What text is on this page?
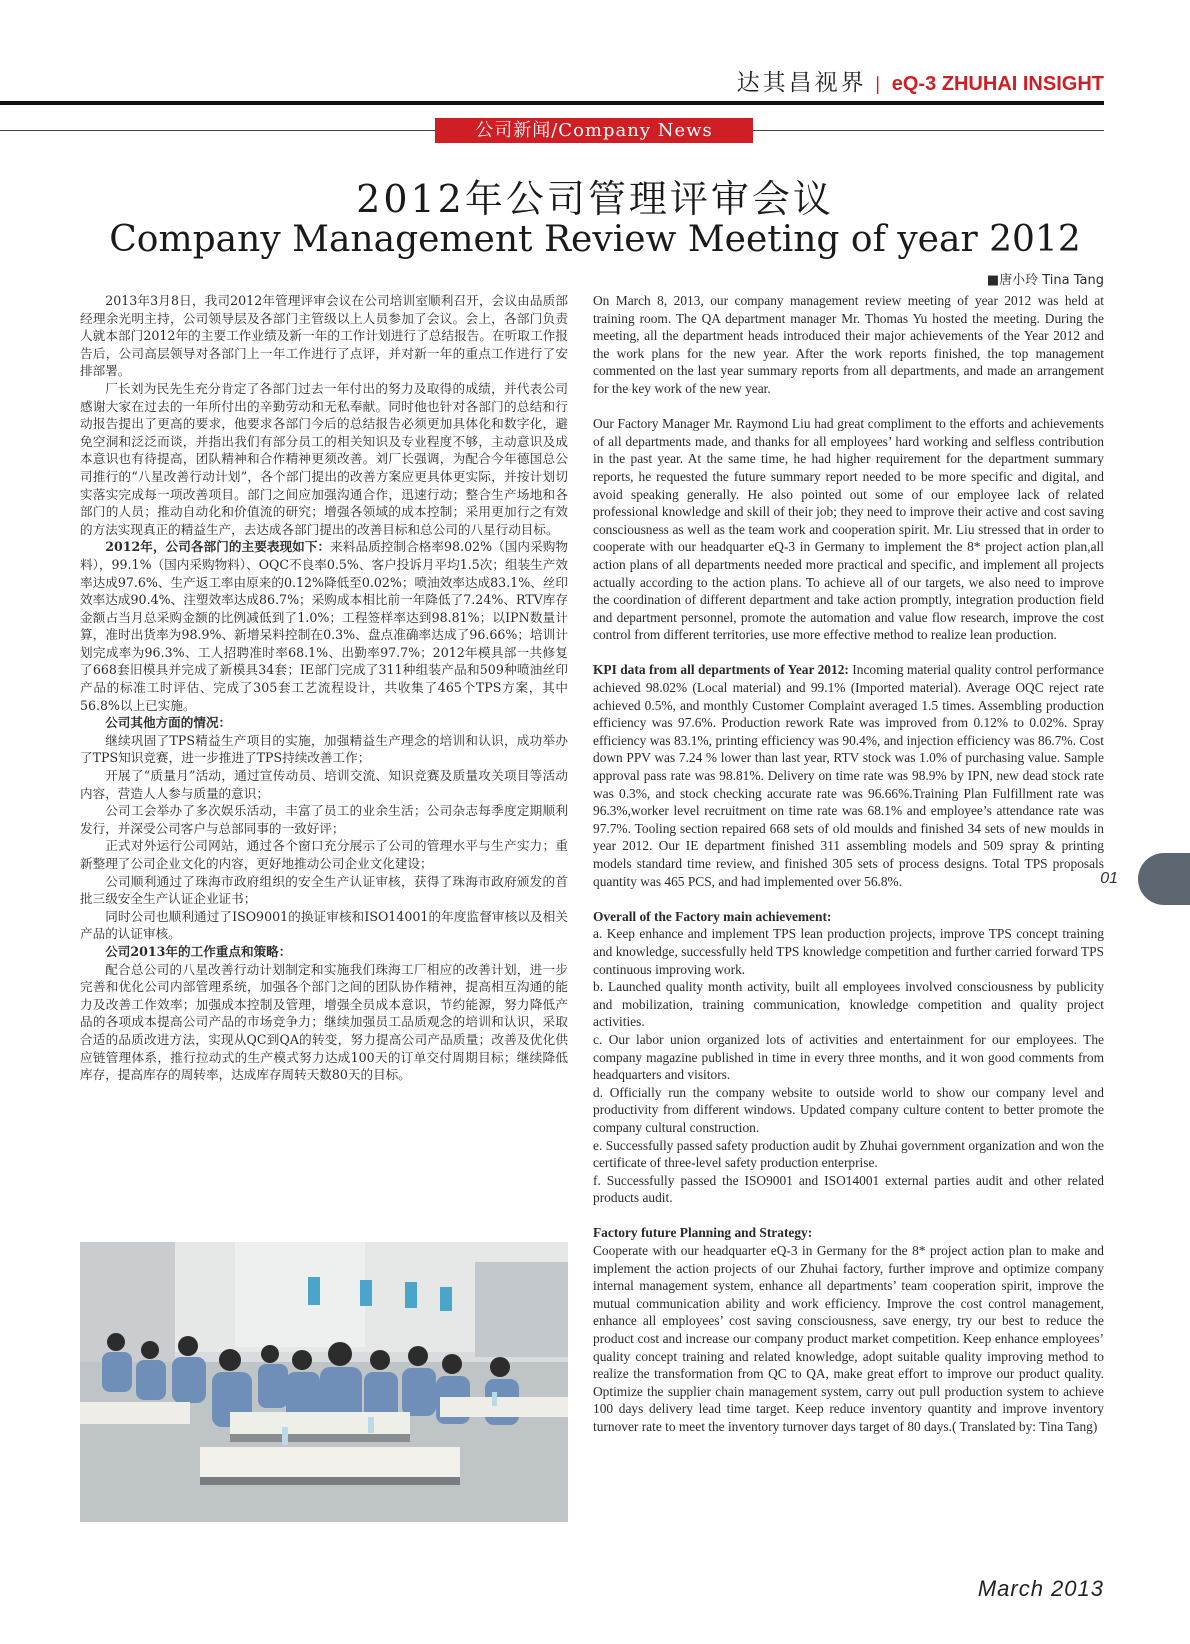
达其昌视界 | eQ-3 ZHUHAI INSIGHT
公司新闻/Company News
2012年公司管理评审会议
Company Management Review Meeting of year 2012
■唐小玲 Tina Tang

2013年3月8日，我司2012年管理评审会议在公司培训室顺利召开，会议由品质部经理余光明主持，公司领导层及各部门主管级以上人员参加了会议。会上，各部门负责人就本部门2012年的主要工作业绩及新一年的工作计划进行了总结报告。在听取工作报告后，公司高层领导对各部门上一年工作进行了点评，并对新一年的重点工作进行了安排部署。

厂长刘为民先生充分肯定了各部门过去一年付出的努力及取得的成绩，并代表公司感谢大家在过去的一年所付出的辛勤劳动和无私奉献。同时他也针对各部门的总结和行动报告提出了更高的要求，他要求各部门今后的总结报告必须更加具体化和数字化，避免空洞和泛泛而谈，并指出我们有部分员工的相关知识及专业程度不够，主动意识及成本意识也有待提高，团队精神和合作精神更须改善。刘厂长强调，为配合今年德国总公司推行的“八星改善行动计划”，各个部门提出的改善方案应更具体更实际，并按计划切实落实完成每一项改善项目。部门之间应加强沟通合作，迅速行动；整合生产场地和各部门的人员；推动自动化和价值流的研究；增强各领域的成本控制；采用更加行之有效的方法实现真正的精益生产，去达成各部门提出的改善目标和总公司的八星行动目标。

2012年，公司各部门的主要表现如下：来料品质控制合格率98.02%（国内采购物料），99.1%（国内采购物料）、OQC不良率0.5%、客户投诉月平均1.5次；组装生产效率达成97.6%、生产返工率由原来的0.12%降低至0.02%；喷油效率达成83.1%、丝印效率达成90.4%、注塑效率达成86.7%；采购成本相比前一年降低了7.24%、RTV库存金额占当月总采购金额的比例减低到了1.0%；工程签样率达到98.81%；以IPN数量计算，准时出货率为98.9%、新增呆料控制在0.3%、盘点准确率达成了96.66%；培训计划完成率为96.3%、工人招聘准时率68.1%、出勤率97.7%；2012年模具部一共修复了668套旧模具并完成了新模具34套；IE部门完成了311种组装产品和509种喷油丝印产品的标准工时评估、完成了305套工艺流程设计，共收集了465个TPS方案，其中56.8%以上已实施。

公司其他方面的情况：

继续巩固了TPS精益生产项目的实施，加强精益生产理念的培训和认识，成功举办了TPS知识竞赛，进一步推进了TPS持续改善工作；

开展了“质量月”活动，通过宣传动员、培训交流、知识竞赛及质量攻关项目等活动内容，营造人人参与质量的意识；

公司工会举办了多次娱乐活动，丰富了员工的业余生活；公司杂志每季度定期顺利发行，并深受公司客户与总部同事的一致好评；

正式对外运行公司网站，通过各个窗口充分展示了公司的管理水平与生产实力；重新整理了公司企业文化的内容，更好地推动公司企业文化建设；

公司顺利通过了珠海市政府组织的安全生产认证审核，获得了珠海市政府颁发的首批三级安全生产认证企业证书；

同时公司也顺利通过了ISO9001的换证审核和ISO14001的年度监督审核以及相关产品的认证审核。

公司2013年的工作重点和策略：

配合总公司的八星改善行动计划制定和实施我们珠海工厂相应的改善计划，进一步完善和优化公司内部管理系统，加强各个部门之间的团队协作精神，提高相互沟通的能力及改善工作效率；加强成本控制及管理，增强全员成本意识，节约能源，努力降低产品的各项成本提高公司产品的市场竞争力；继续加强员工品质观念的培训和认识，采取合适的品质改进方法，实现从QC到QA的转变，努力提高公司产品质量；改善及优化供应链管理体系，推行拉动式的生产模式努力达成100天的订单交付周期目标；继续降低库存，提高库存的周转率，达成库存周转天数80天的目标。

On March 8, 2013, our company management review meeting of year 2012 was held at training room. The QA department manager Mr. Thomas Yu hosted the meeting. During the meeting, all the department heads introduced their major achievements of the Year 2012 and the work plans for the new year. After the work reports finished, the top management commented on the last year summary reports from all departments, and made an arrangement for the key work of the new year.

Our Factory Manager Mr. Raymond Liu had great compliment to the efforts and achievements of all departments made, and thanks for all employees’ hard working and selfless contribution in the past year. At the same time, he had higher requirement for the department summary reports, he requested the future summary report needed to be more specific and digital, and avoid speaking generally. He also pointed out some of our employee lack of related professional knowledge and skill of their job; they need to improve their active and cost saving consciousness as well as the team work and cooperation spirit. Mr. Liu stressed that in order to cooperate with our headquarter eQ-3 in Germany to implement the 8* project action plan,all action plans of all departments needed more practical and specific, and implement all projects actually according to the action plans. To achieve all of our targets, we also need to improve the coordination of different department and take action promptly, integration production field and department personnel, promote the automation and value flow research, improve the cost control from different territories, use more effective method to realize lean production.

KPI data from all departments of Year 2012: Incoming material quality control performance achieved 98.02% (Local material) and 99.1% (Imported material). Average OQC reject rate achieved 0.5%, and monthly Customer Complaint averaged 1.5 times. Assembling production efficiency was 97.6%. Production rework Rate was improved from 0.12% to 0.02%. Spray efficiency was 83.1%, printing efficiency was 90.4%, and injection efficiency was 86.7%. Cost down PPV was 7.24 % lower than last year, RTV stock was 1.0% of purchasing value. Sample approval pass rate was 98.81%. Delivery on time rate was 98.9% by IPN, new dead stock rate was 0.3%, and stock checking accurate rate was 96.66%.Training Plan Fulfillment rate was 96.3%,worker level recruitment on time rate was 68.1% and employee’s attendance rate was 97.7%. Tooling section repaired 668 sets of old moulds and finished 34 sets of new moulds in year 2012. Our IE department finished 311 assembling models and 509 spray & printing models standard time review, and finished 305 sets of process designs. Total TPS proposals quantity was 465 PCS, and had implemented over 56.8%.

Overall of the Factory main achievement:

a. Keep enhance and implement TPS lean production projects, improve TPS concept training and knowledge, successfully held TPS knowledge competition and further carried forward TPS continuous improving work.

b. Launched quality month activity, built all employees involved consciousness by publicity and mobilization, training communication, knowledge competition and quality project activities.

c. Our labor union organized lots of activities and entertainment for our employees. The company magazine published in time in every three months, and it won good comments from headquarters and visitors.

d. Officially run the company website to outside world to show our company level and productivity from different windows. Updated company culture content to better promote the company cultural construction.

e. Successfully passed safety production audit by Zhuhai government organization and won the certificate of three-level safety production enterprise.

f. Successfully passed the ISO9001 and ISO14001 external parties audit and other related products audit.

Factory future Planning and Strategy:

Cooperate with our headquarter eQ-3 in Germany for the 8* project action plan to make and implement the action projects of our Zhuhai factory, further improve and optimize company internal management system, enhance all departments’ team cooperation spirit, improve the mutual communication ability and work efficiency. Improve the cost control management, enhance all employees’ cost saving consciousness, save energy, try our best to reduce the product cost and increase our company product market competition. Keep enhance employees’ quality concept training and related knowledge, adopt suitable quality improving method to realize the transformation from QC to QA, make great effort to improve our product quality. Optimize the supplier chain management system, carry out pull production system to achieve 100 days delivery lead time target. Keep reduce inventory quantity and improve inventory turnover rate to meet the inventory turnover days target of 80 days.( Translated by: Tina Tang)

01
March 2013
